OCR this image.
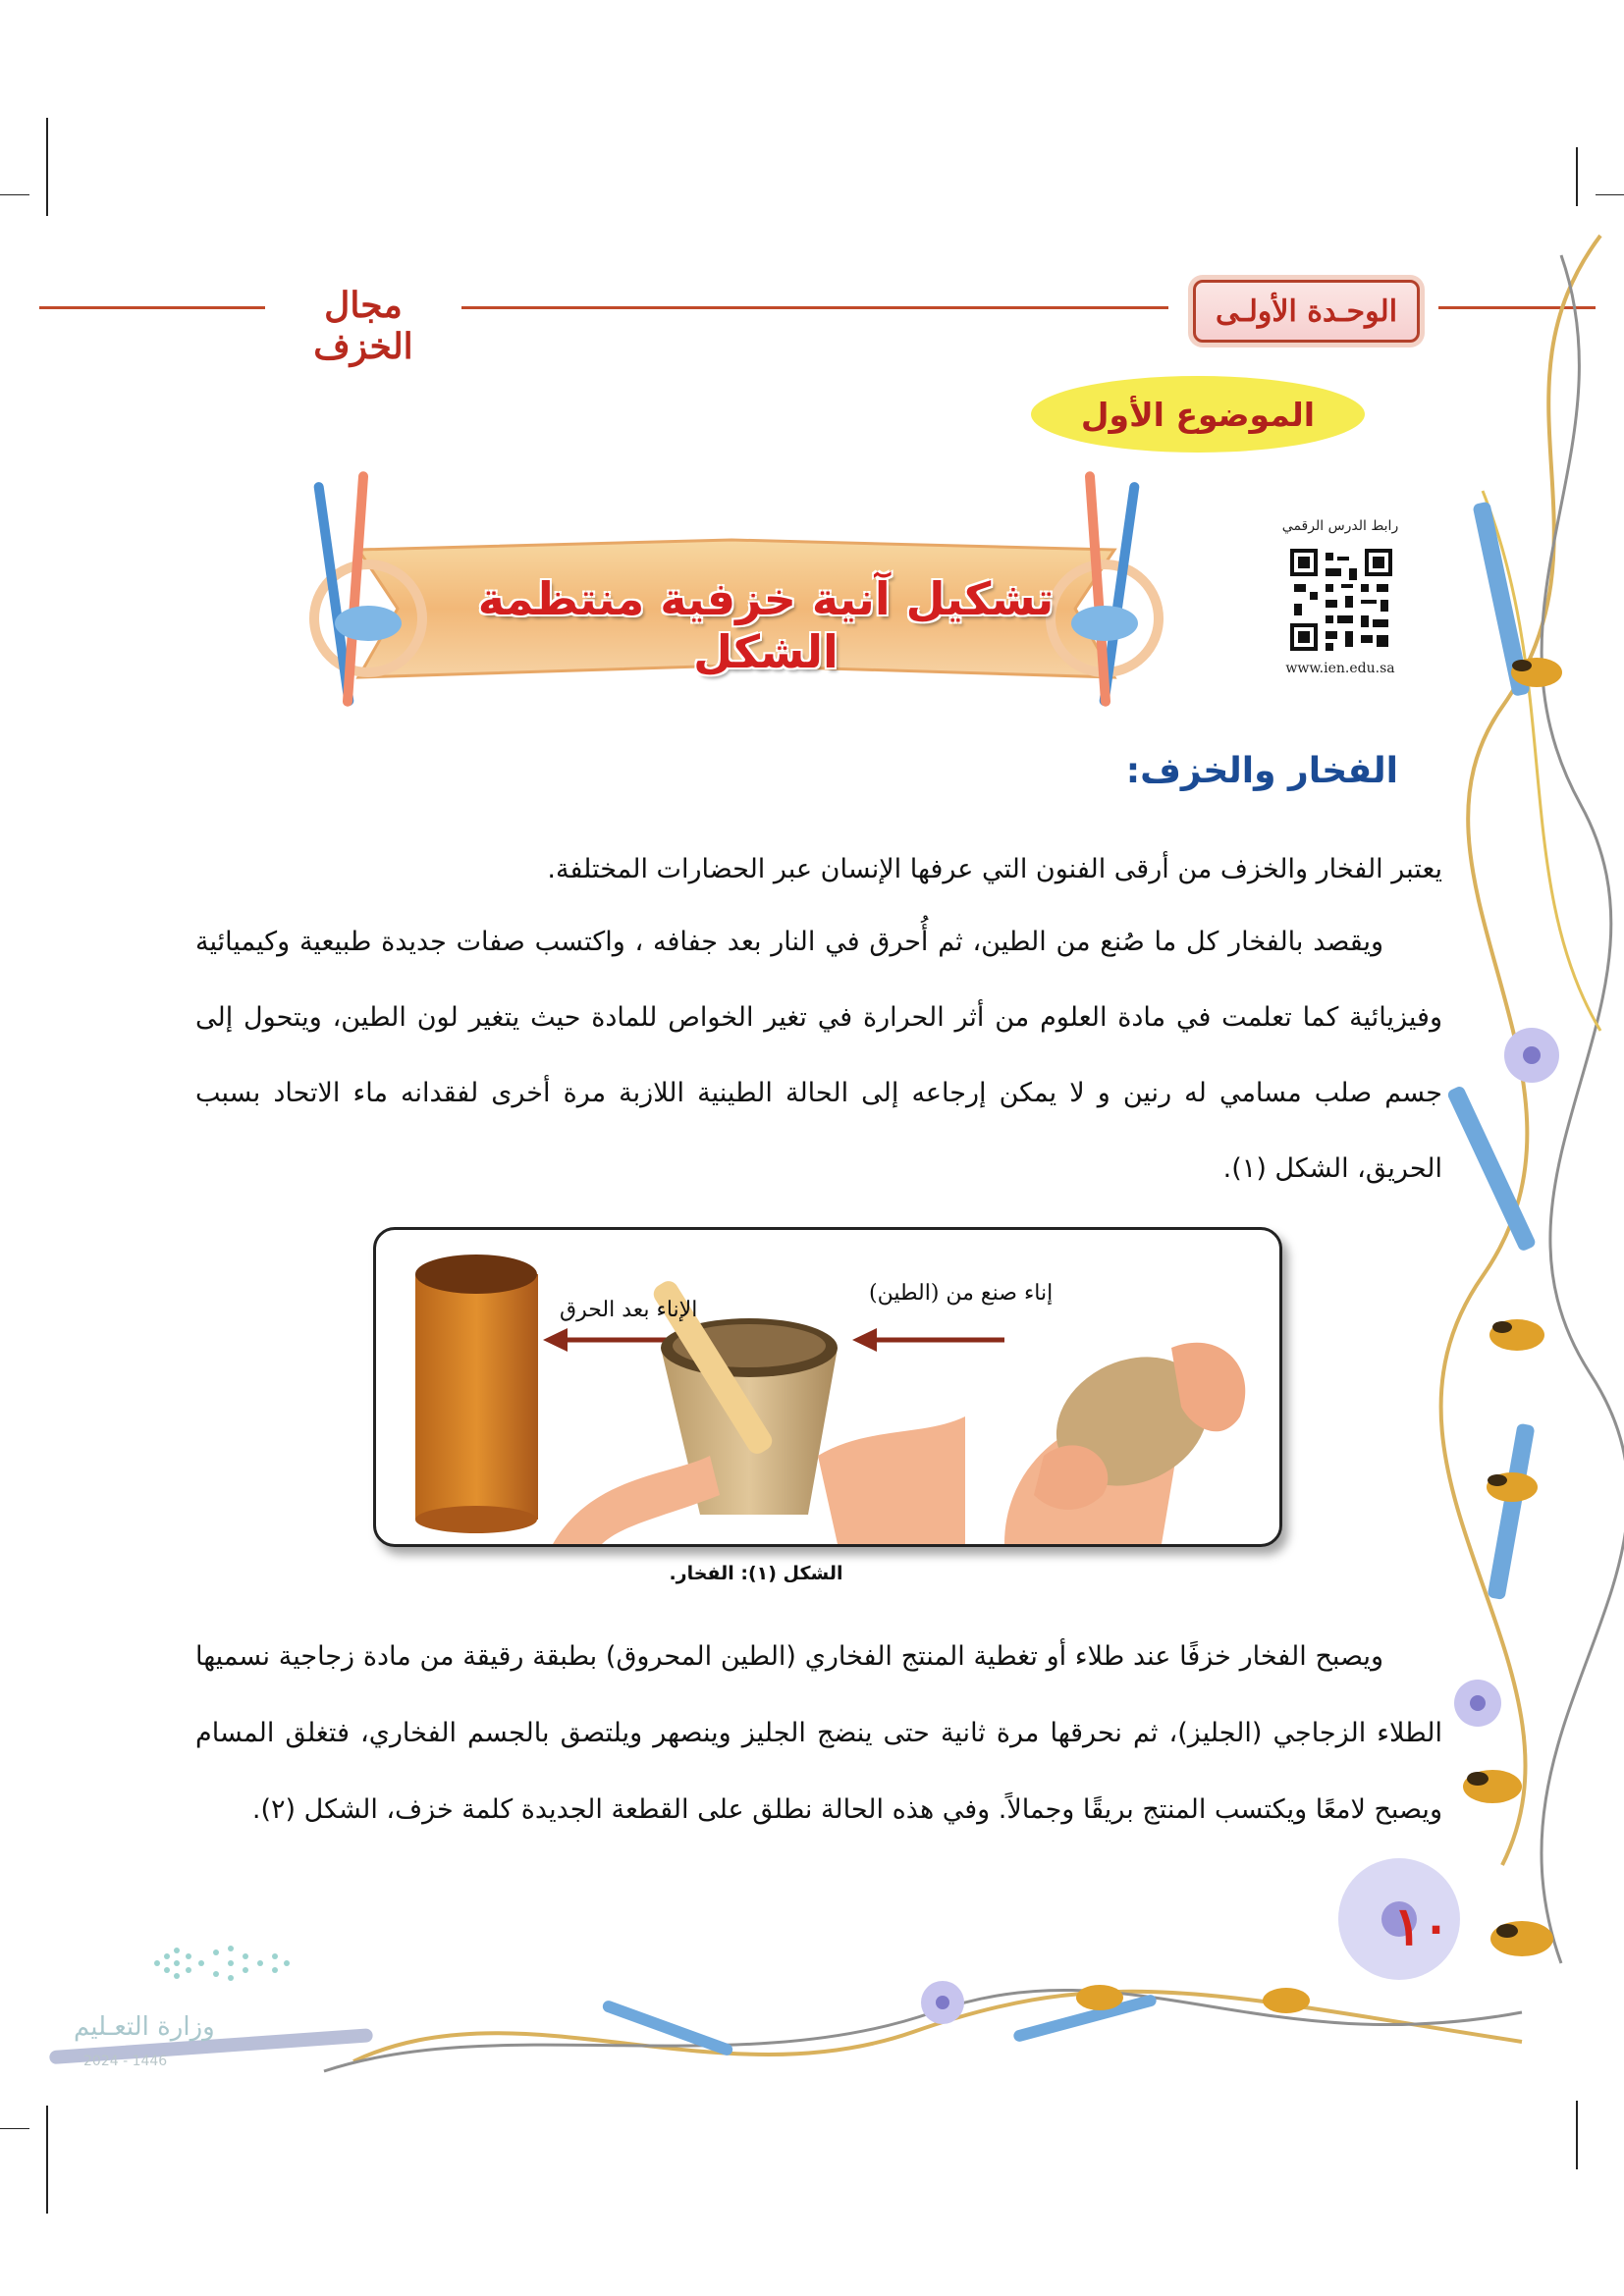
الوحـدة الأولـى
مجال الخزف
الموضوع الأول
تشكيل آنية خزفية منتظمة الشكل
رابط الدرس الرقمي
www.ien.edu.sa
الفخار والخزف:
يعتبر الفخار والخزف من أرقى الفنون التي عرفها الإنسان عبر الحضارات المختلفة.
ويقصد بالفخار كل ما صُنع من الطين، ثم أُحرق في النار بعد جفافه ، واكتسب صفات جديدة طبيعية وكيميائية وفيزيائية كما تعلمت في مادة العلوم من أثر الحرارة في تغير الخواص للمادة حيث يتغير لون الطين، ويتحول إلى جسم صلب مسامي له رنين و لا يمكن إرجاعه إلى الحالة الطينية اللازبة مرة أخرى لفقدانه ماء الاتحاد بسبب الحريق، الشكل (١).
إناء صنع من (الطين)
الإناء بعد الحرق
الشكل (١): الفخار.
ويصبح الفخار خزفًا عند طلاء أو تغطية المنتج الفخاري (الطين المحروق) بطبقة رقيقة من مادة زجاجية نسميها الطلاء الزجاجي (الجليز)، ثم نحرقها مرة ثانية حتى ينضج الجليز وينصهر ويلتصق بالجسم الفخاري، فتغلق المسام ويصبح لامعًا ويكتسب المنتج بريقًا وجمالاً. وفي هذه الحالة نطلق على القطعة الجديدة كلمة خزف، الشكل (٢).
١٠
وزارة التعـليم
2024 - 1446
